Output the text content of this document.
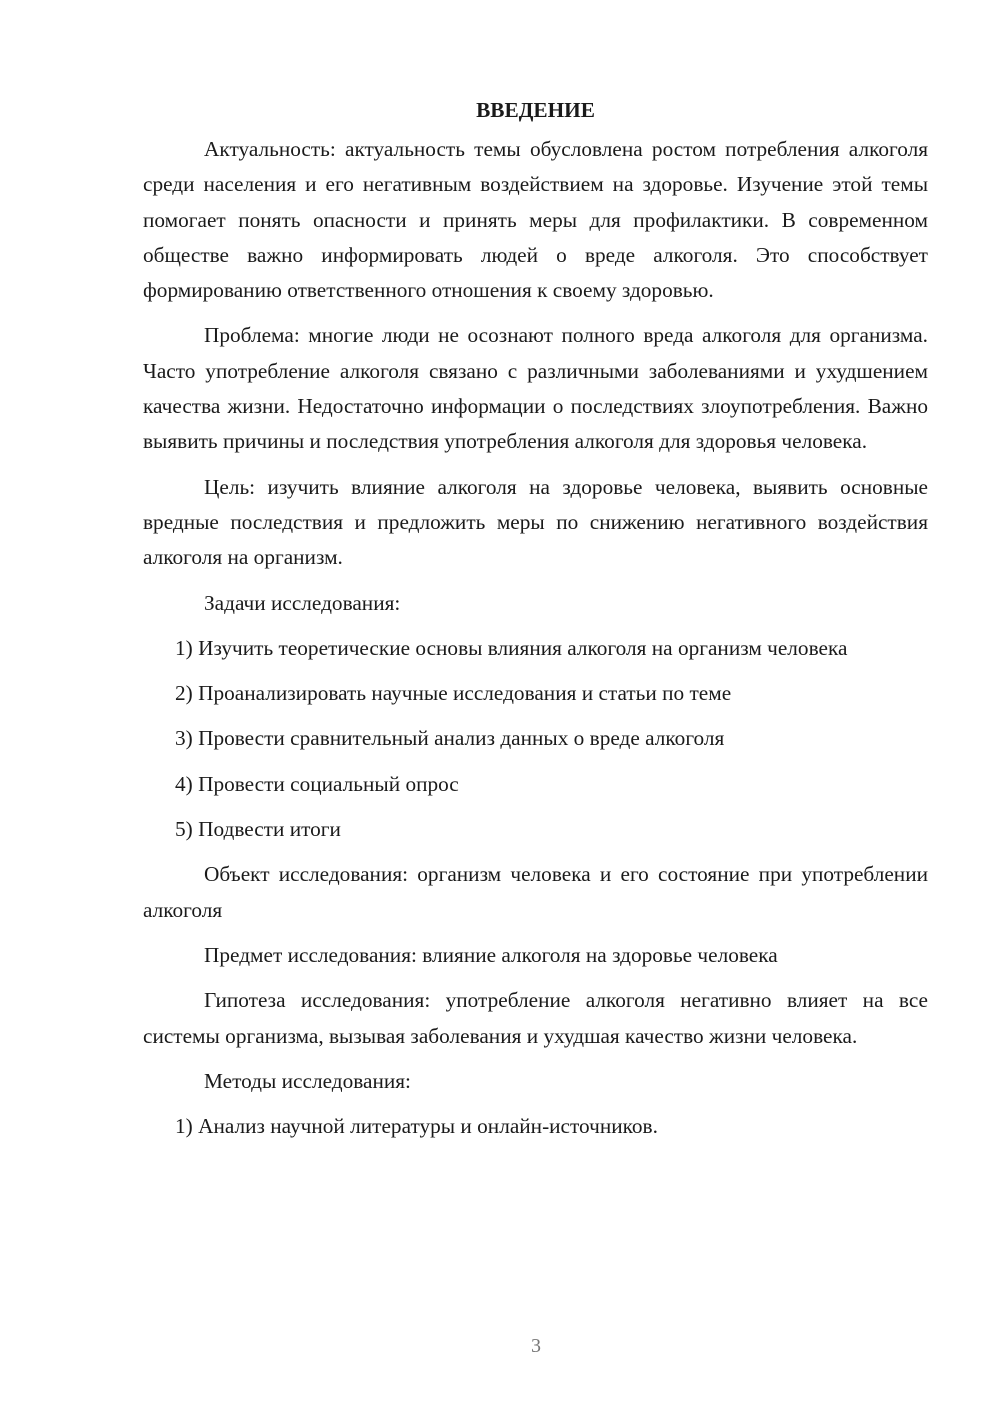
ВВЕДЕНИЕ

Актуальность: актуальность темы обусловлена ростом потребления алкоголя среди населения и его негативным воздействием на здоровье. Изучение этой темы помогает понять опасности и принять меры для профилактики. В современном обществе важно информировать людей о вреде алкоголя. Это способствует формированию ответственного отношения к своему здоровью.

Проблема: многие люди не осознают полного вреда алкоголя для организма. Часто употребление алкоголя связано с различными заболеваниями и ухудшением качества жизни. Недостаточно информации о последствиях злоупотребления. Важно выявить причины и последствия употребления алкоголя для здоровья человека.

Цель: изучить влияние алкоголя на здоровье человека, выявить основные вредные последствия и предложить меры по снижению негативного воздействия алкоголя на организм.

Задачи исследования:

1) Изучить теоретические основы влияния алкоголя на организм человека

2) Проанализировать научные исследования и статьи по теме

3) Провести сравнительный анализ данных о вреде алкоголя

4) Провести социальный опрос

5) Подвести итоги

Объект исследования: организм человека и его состояние при употреблении алкоголя

Предмет исследования: влияние алкоголя на здоровье человека

Гипотеза исследования: употребление алкоголя негативно влияет на все системы организма, вызывая заболевания и ухудшая качество жизни человека.

Методы исследования:

1) Анализ научной литературы и онлайн-источников.

3
